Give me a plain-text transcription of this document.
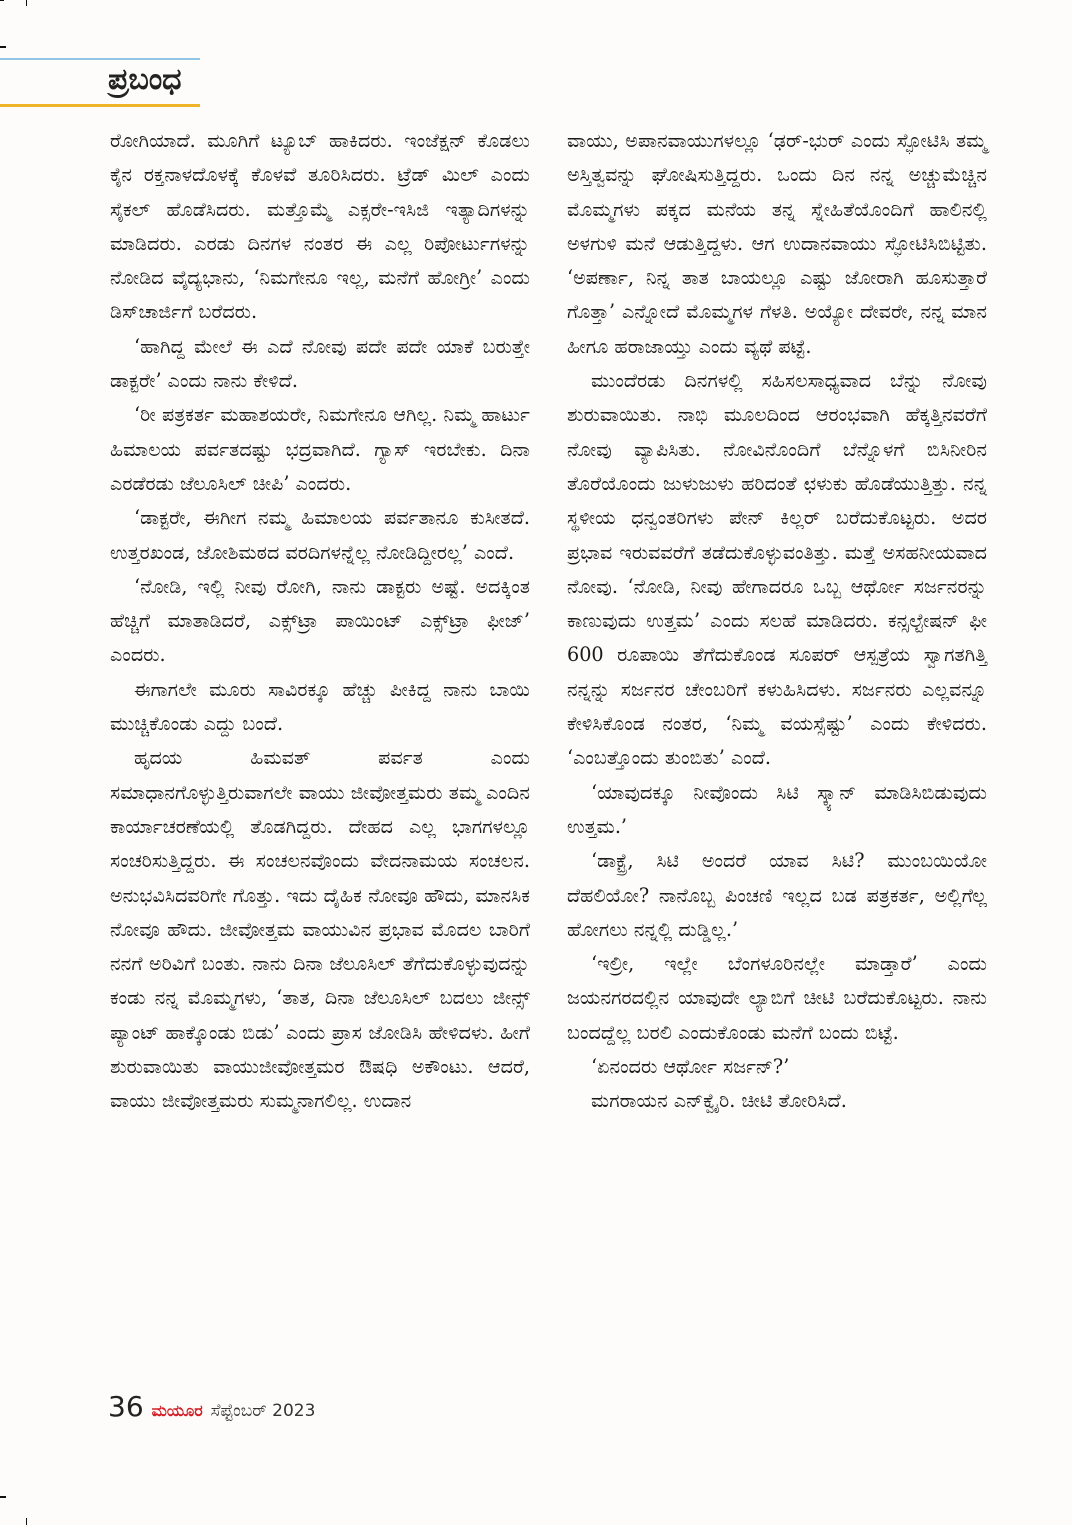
ಪ್ರಬಂಧ

ರೋಗಿಯಾದೆ. ಮೂಗಿಗೆ ಟ್ಯೂಬ್ ಹಾಕಿದರು. ಇಂಜೆಕ್ಷನ್ ಕೊಡಲು ಕೈನ ರಕ್ತನಾಳದೊಳಕ್ಕೆ ಕೊಳವೆ ತೂರಿಸಿದರು. ಟ್ರೆಡ್ ಮಿಲ್ ಎಂದು ಸೈಕಲ್ ಹೊಡೆಸಿದರು. ಮತ್ತೊಮ್ಮೆ ಎಕ್ಸರೇ-ಇಸಿಜಿ ಇತ್ಯಾದಿಗಳನ್ನು ಮಾಡಿದರು. ಎರಡು ದಿನಗಳ ನಂತರ ಈ ಎಲ್ಲ ರಿಪೋರ್ಟುಗಳನ್ನು ನೋಡಿದ ವೈದ್ಯಭಾನು, ‘ನಿಮಗೇನೂ ಇಲ್ಲ, ಮನೆಗೆ ಹೋಗ್ರೀ’ ಎಂದು ಡಿಸ್‌ಚಾರ್ಜಿಗೆ ಬರೆದರು.

‘ಹಾಗಿದ್ದ ಮೇಲೆ ಈ ಎದೆ ನೋವು ಪದೇ ಪದೇ ಯಾಕೆ ಬರುತ್ತೇ ಡಾಕ್ಟರೇ’ ಎಂದು ನಾನು ಕೇಳಿದೆ.

‘ರೀ ಪತ್ರಕರ್ತ ಮಹಾಶಯರೇ, ನಿಮಗೇನೂ ಆಗಿಲ್ಲ. ನಿಮ್ಮ ಹಾರ್ಟು ಹಿಮಾಲಯ ಪರ್ವತದಷ್ಟು ಭದ್ರವಾಗಿದೆ. ಗ್ಯಾಸ್ ಇರಬೇಕು. ದಿನಾ ಎರಡೆರಡು ಜೆಲೂಸಿಲ್ ಚೀಪಿ’ ಎಂದರು.

‘ಡಾಕ್ಟರೇ, ಈಗೀಗ ನಮ್ಮ ಹಿಮಾಲಯ ಪರ್ವತಾನೂ ಕುಸೀತದೆ. ಉತ್ತರಖಂಡ, ಜೋಶಿಮಠದ ವರದಿಗಳನ್ನೆಲ್ಲ ನೋಡಿದ್ದೀರಲ್ಲ’ ಎಂದೆ.

‘ನೋಡಿ, ಇಲ್ಲಿ ನೀವು ರೋಗಿ, ನಾನು ಡಾಕ್ಟರು ಅಷ್ಟೆ. ಅದಕ್ಕಿಂತ ಹೆಚ್ಚಿಗೆ ಮಾತಾಡಿದರೆ, ಎಕ್ಸ್‌ಟ್ರಾ ಪಾಯಿಂಟ್ ಎಕ್ಸ್‌ಟ್ರಾ ಫೀಜ್’ ಎಂದರು.

ಈಗಾಗಲೇ ಮೂರು ಸಾವಿರಕ್ಕೂ ಹೆಚ್ಚು ಪೀಕಿದ್ದ ನಾನು ಬಾಯಿ ಮುಚ್ಚಿಕೊಂಡು ಎದ್ದು ಬಂದೆ.

ಹೃದಯ ಹಿಮವತ್ ಪರ್ವತ ಎಂದು ಸಮಾಧಾನಗೊಳ್ಳುತ್ತಿರುವಾಗಲೇ ವಾಯು ಜೀವೋತ್ತಮರು ತಮ್ಮ ಎಂದಿನ ಕಾರ್ಯಾಚರಣೆಯಲ್ಲಿ ತೊಡಗಿದ್ದರು. ದೇಹದ ಎಲ್ಲ ಭಾಗಗಳಲ್ಲೂ ಸಂಚರಿಸುತ್ತಿದ್ದರು. ಈ ಸಂಚಲನವೊಂದು ವೇದನಾಮಯ ಸಂಚಲನ. ಅನುಭವಿಸಿದವರಿಗೇ ಗೊತ್ತು. ಇದು ದೈಹಿಕ ನೋವೂ ಹೌದು, ಮಾನಸಿಕ ನೋವೂ ಹೌದು. ಜೀವೋತ್ತಮ ವಾಯುವಿನ ಪ್ರಭಾವ ಮೊದಲ ಬಾರಿಗೆ ನನಗೆ ಅರಿವಿಗೆ ಬಂತು. ನಾನು ದಿನಾ ಜೆಲೂಸಿಲ್ ತೆಗೆದುಕೊಳ್ಳುವುದನ್ನು ಕಂಡು ನನ್ನ ಮೊಮ್ಮಗಳು, ‘ತಾತ, ದಿನಾ ಜೆಲೂಸಿಲ್ ಬದಲು ಜೀನ್ಸ್ ಪ್ಯಾಂಟ್ ಹಾಕ್ಕೊಂಡು ಬಿಡು’ ಎಂದು ಪ್ರಾಸ ಜೋಡಿಸಿ ಹೇಳಿದಳು. ಹೀಗೆ ಶುರುವಾಯಿತು ವಾಯುಜೀವೋತ್ತಮರ ಔಷಧಿ ಅಕೌಂಟು. ಆದರೆ, ವಾಯು ಜೀವೋತ್ತಮರು ಸುಮ್ಮನಾಗಲಿಲ್ಲ. ಉದಾನ

ವಾಯು, ಅಪಾನವಾಯುಗಳಲ್ಲೂ ‘ಢರ್-ಭುರ್ ಎಂದು ಸ್ಫೋಟಿಸಿ ತಮ್ಮ ಅಸ್ತಿತ್ವವನ್ನು ಘೋಷಿಸುತ್ತಿದ್ದರು. ಒಂದು ದಿನ ನನ್ನ ಅಚ್ಚುಮೆಚ್ಚಿನ ಮೊಮ್ಮಗಳು ಪಕ್ಕದ ಮನೆಯ ತನ್ನ ಸ್ನೇಹಿತೆಯೊಂದಿಗೆ ಹಾಲಿನಲ್ಲಿ ಅಳಗುಳಿ ಮನೆ ಆಡುತ್ತಿದ್ದಳು. ಆಗ ಉದಾನವಾಯು ಸ್ಫೋಟಿಸಿಬಿಟ್ಟಿತು. ‘ಅಪರ್ಣಾ, ನಿನ್ನ ತಾತ ಬಾಯಲ್ಲೂ ಎಷ್ಟು ಜೋರಾಗಿ ಹೂಸುತ್ತಾರೆ ಗೊತ್ತಾ’ ಎನ್ನೋದೆ ಮೊಮ್ಮಗಳ ಗೆಳತಿ. ಅಯ್ಯೋ ದೇವರೇ, ನನ್ನ ಮಾನ ಹೀಗೂ ಹರಾಜಾಯ್ತು ಎಂದು ವ್ಯಥೆ ಪಟ್ಟೆ.

ಮುಂದೆರಡು ದಿನಗಳಲ್ಲಿ ಸಹಿಸಲಸಾಧ್ಯವಾದ ಬೆನ್ನು ನೋವು ಶುರುವಾಯಿತು. ನಾಭಿ ಮೂಲದಿಂದ ಆರಂಭವಾಗಿ ಹೆಕ್ಕತ್ತಿನವರೆಗೆ ನೋವು ವ್ಯಾಪಿಸಿತು. ನೋವಿನೊಂದಿಗೆ ಬೆನ್ನೊಳಗೆ ಬಿಸಿನೀರಿನ ತೊರೆಯೊಂದು ಜುಳುಜುಳು ಹರಿದಂತೆ ಛಳುಕು ಹೊಡೆಯುತ್ತಿತ್ತು. ನನ್ನ ಸ್ಥಳೀಯ ಧನ್ವಂತರಿಗಳು ಪೇನ್ ಕಿಲ್ಲರ್ ಬರೆದುಕೊಟ್ಟರು. ಅದರ ಪ್ರಭಾವ ಇರುವವರೆಗೆ ತಡೆದುಕೊಳ್ಳುವಂತಿತ್ತು. ಮತ್ತೆ ಅಸಹನೀಯವಾದ ನೋವು. ‘ನೋಡಿ, ನೀವು ಹೇಗಾದರೂ ಒಬ್ಬ ಆರ್ಥೋ ಸರ್ಜನರನ್ನು ಕಾಣುವುದು ಉತ್ತಮ’ ಎಂದು ಸಲಹೆ ಮಾಡಿದರು. ಕನ್ಸಲ್ಟೇಷನ್ ಫೀ 600 ರೂಪಾಯಿ ತೆಗೆದುಕೊಂಡ ಸೂಪರ್ ಆಸ್ಪತ್ರೆಯ ಸ್ವಾಗತಗಿತ್ತಿ ನನ್ನನ್ನು ಸರ್ಜನರ ಚೇಂಬರಿಗೆ ಕಳುಹಿಸಿದಳು. ಸರ್ಜನರು ಎಲ್ಲವನ್ನೂ ಕೇಳಿಸಿಕೊಂಡ ನಂತರ, ‘ನಿಮ್ಮ ವಯಸ್ಸೆಷ್ಟು’ ಎಂದು ಕೇಳಿದರು. ‘ಎಂಬತ್ತೊಂದು ತುಂಬಿತು’ ಎಂದೆ.

‘ಯಾವುದಕ್ಕೂ ನೀವೊಂದು ಸಿಟಿ ಸ್ಕ್ಯಾನ್ ಮಾಡಿಸಿಬಿಡುವುದು ಉತ್ತಮ.’

‘ಡಾಕ್ಟ್ರೆ, ಸಿಟಿ ಅಂದರೆ ಯಾವ ಸಿಟಿ? ಮುಂಬಯಿಯೋ ದೆಹಲಿಯೋ? ನಾನೊಬ್ಬ ಪಿಂಚಣಿ ಇಲ್ಲದ ಬಡ ಪತ್ರಕರ್ತ, ಅಲ್ಲಿಗೆಲ್ಲ ಹೋಗಲು ನನ್ನಲ್ಲಿ ದುಡ್ಡಿಲ್ಲ.’

‘ಇಲ್ರೀ, ಇಲ್ಲೇ ಬೆಂಗಳೂರಿನಲ್ಲೇ ಮಾಡ್ತಾರೆ’ ಎಂದು ಜಯನಗರದಲ್ಲಿನ ಯಾವುದೇ ಲ್ಯಾಬಿಗೆ ಚೀಟಿ ಬರೆದುಕೊಟ್ಟರು. ನಾನು ಬಂದದ್ದೆಲ್ಲ ಬರಲಿ ಎಂದುಕೊಂಡು ಮನೆಗೆ ಬಂದು ಬಿಟ್ಟೆ.

‘ಏನಂದರು ಆರ್ಥೋ ಸರ್ಜನ್?’

ಮಗರಾಯನ ಎನ್‌ಕ್ವೈರಿ. ಚೀಟಿ ತೋರಿಸಿದೆ.

36 ಮಯೂರ ಸೆಪ್ಟೆಂಬರ್ 2023
